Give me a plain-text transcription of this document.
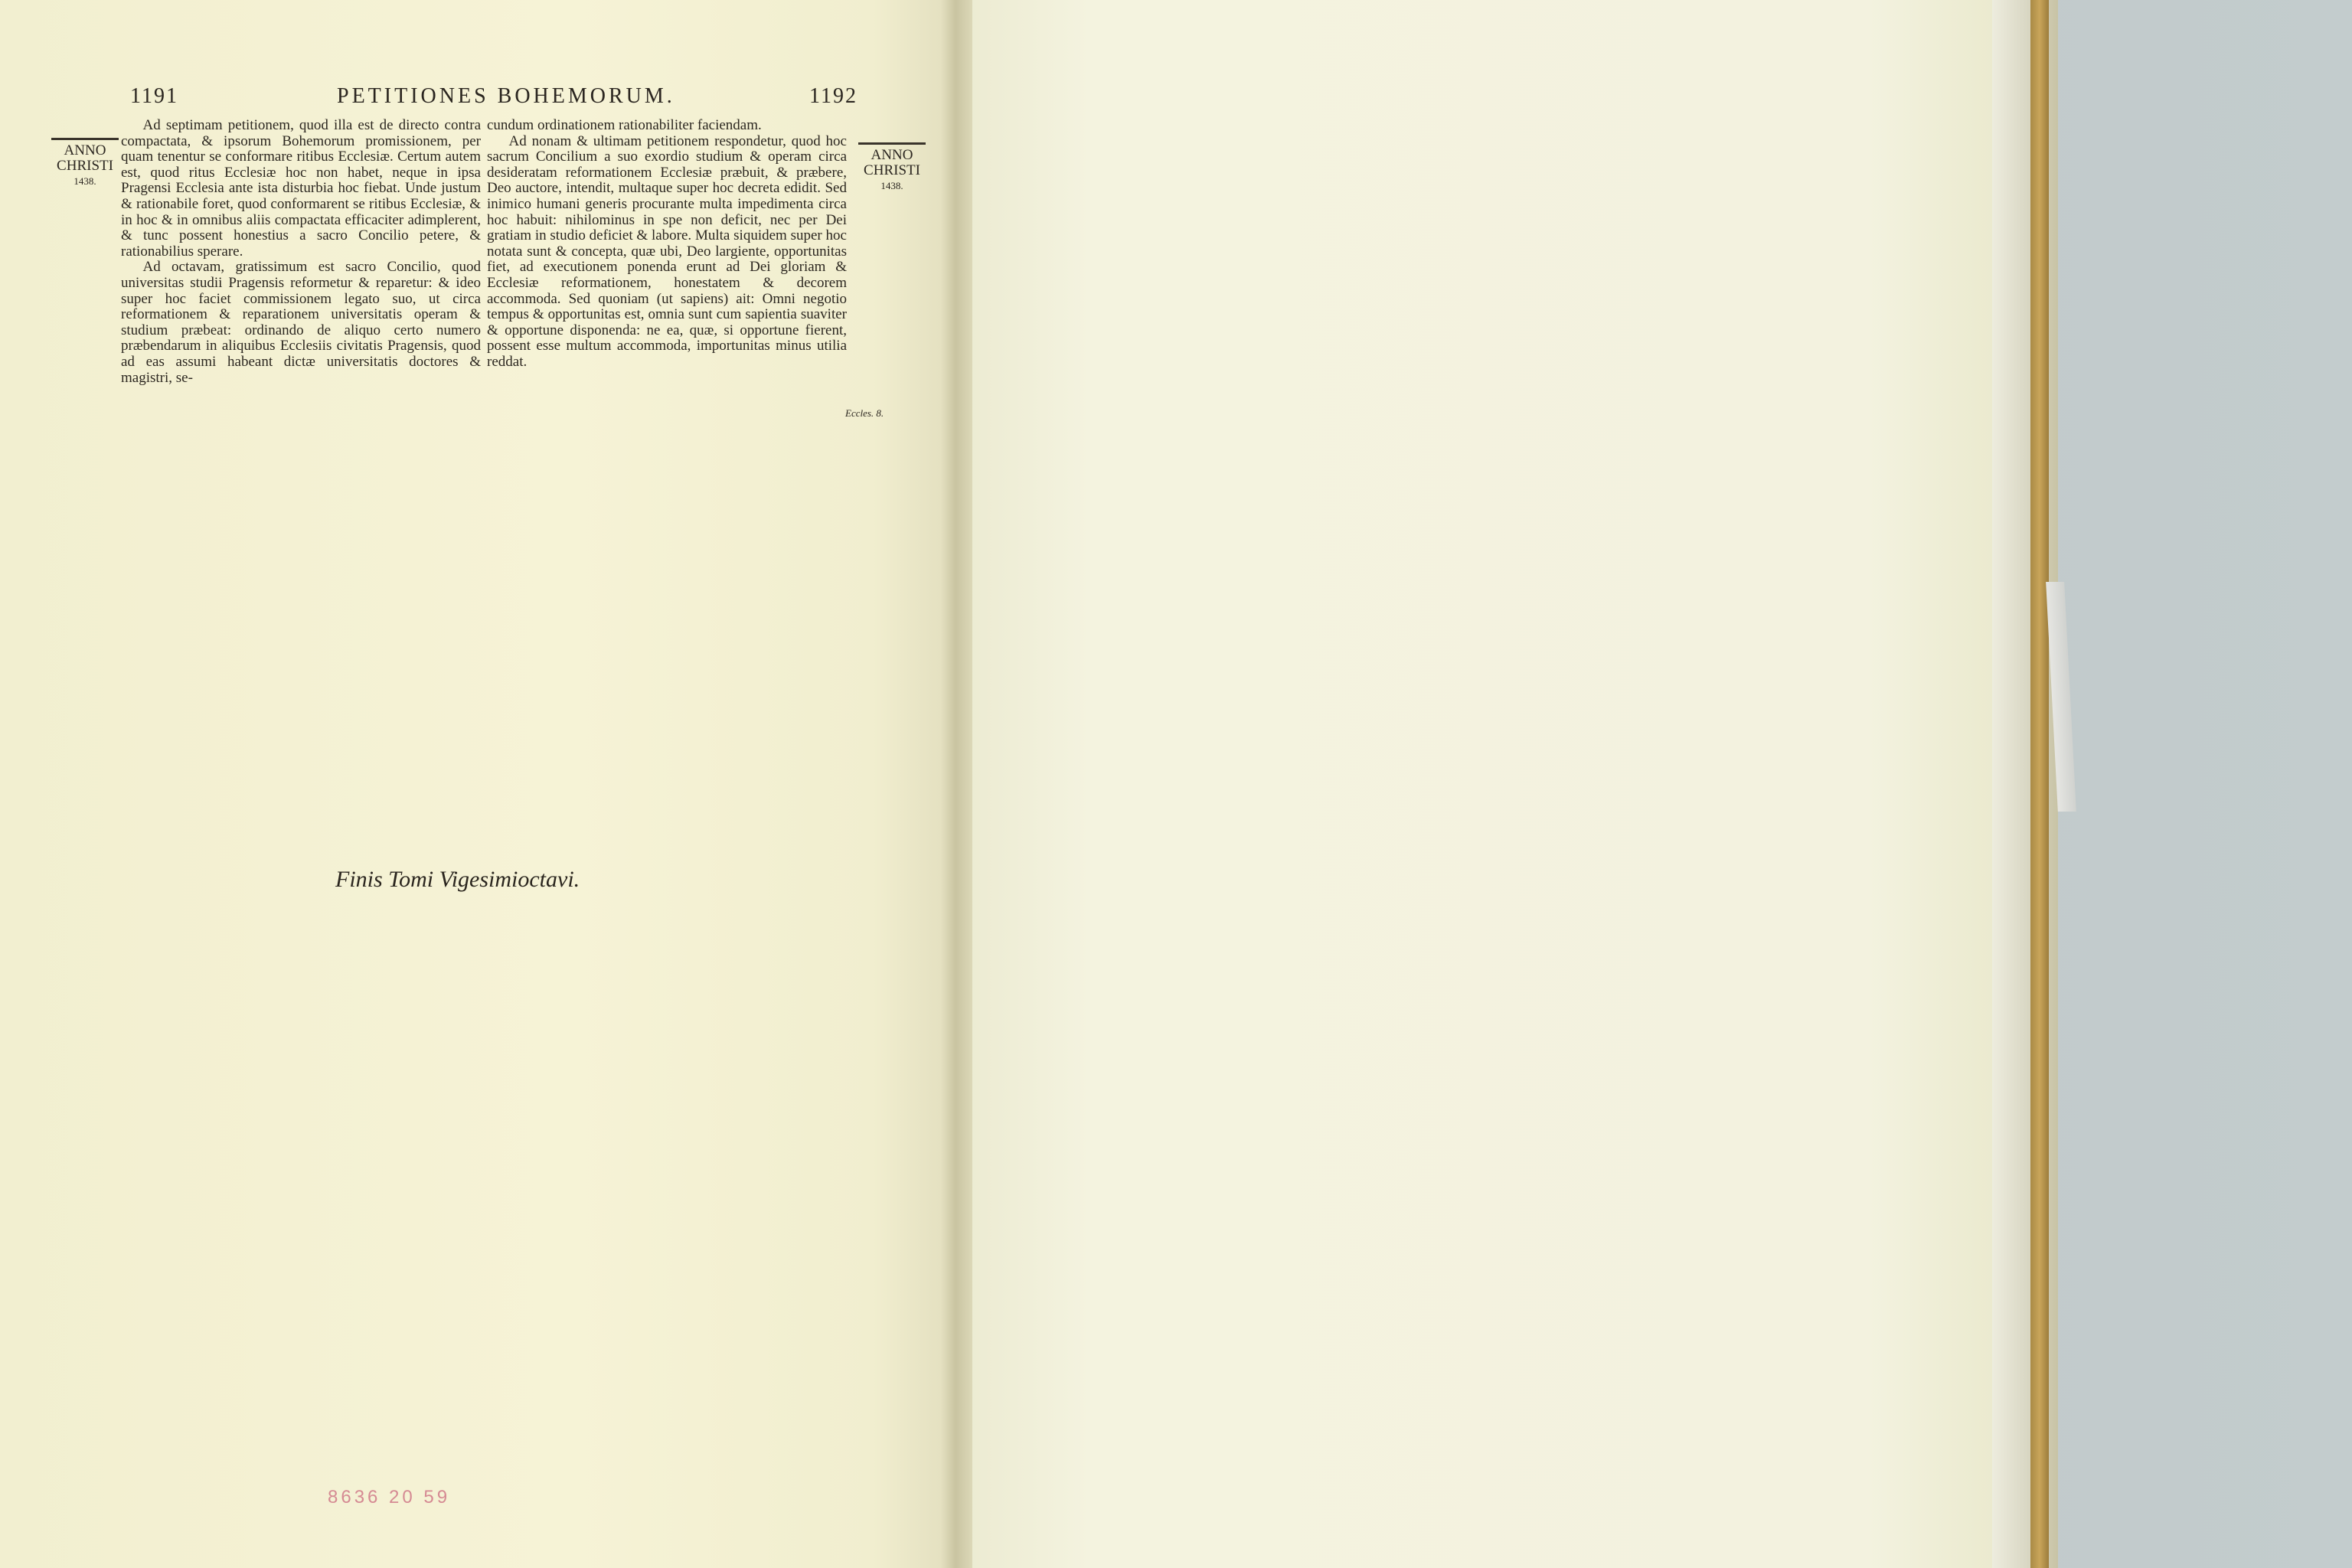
1191	PETITIONES BOHEMORUM.	1192
ANNO
CHRISTI
1438.
ANNO
CHRISTI
1438.

Ad septimam petitionem, quod illa est de directo contra compactata, & ipsorum Bohemorum promissionem, per quam tenentur se conformare ritibus Ecclesiæ. Certum autem est, quod ritus Ecclesiæ hoc non habet, neque in ipsa Pragensi Ecclesia ante ista disturbia hoc fiebat. Unde justum & rationabile foret, quod conformarent se ritibus Ecclesiæ, & in hoc & in omnibus aliis compactata efficaciter adimplerent, & tunc possent honestius a sacro Concilio petere, & rationabilius sperare.

Ad octavam, gratissimum est sacro Concilio, quod universitas studii Pragensis reformetur & reparetur: & ideo super hoc faciet commissionem legato suo, ut circa reformationem & reparationem universitatis operam & studium præbeat: ordinando de aliquo certo numero præbendarum in aliquibus Ecclesiis civitatis Pragensis, quod ad eas assumi habeant dictæ universitatis doctores & magistri, se-

cundum ordinationem rationabiliter faciendam.

Ad nonam & ultimam petitionem respondetur, quod hoc sacrum Concilium a suo exordio studium & operam circa desideratam reformationem Ecclesiæ præbuit, & præbere, Deo auctore, intendit, multaque super hoc decreta edidit. Sed inimico humani generis procurante multa impedimenta circa hoc habuit: nihilominus in spe non deficit, nec per Dei gratiam in studio deficiet & labore. Multa siquidem super hoc notata sunt & concepta, quæ ubi, Deo largiente, opportunitas fiet, ad executionem ponenda erunt ad Dei gloriam & Ecclesiæ reformationem, honestatem & decorem accommoda. Sed quoniam (ut sapiens) ait: Omni negotio tempus & opportunitas est, omnia sunt cum sapientia suaviter & opportune disponenda: ne ea, quæ, si opportune fierent, possent esse multum accommoda, importunitas minus utilia reddat.

Eccles. 8.
Finis Tomi Vigesimioctavi.
8636 20 59
